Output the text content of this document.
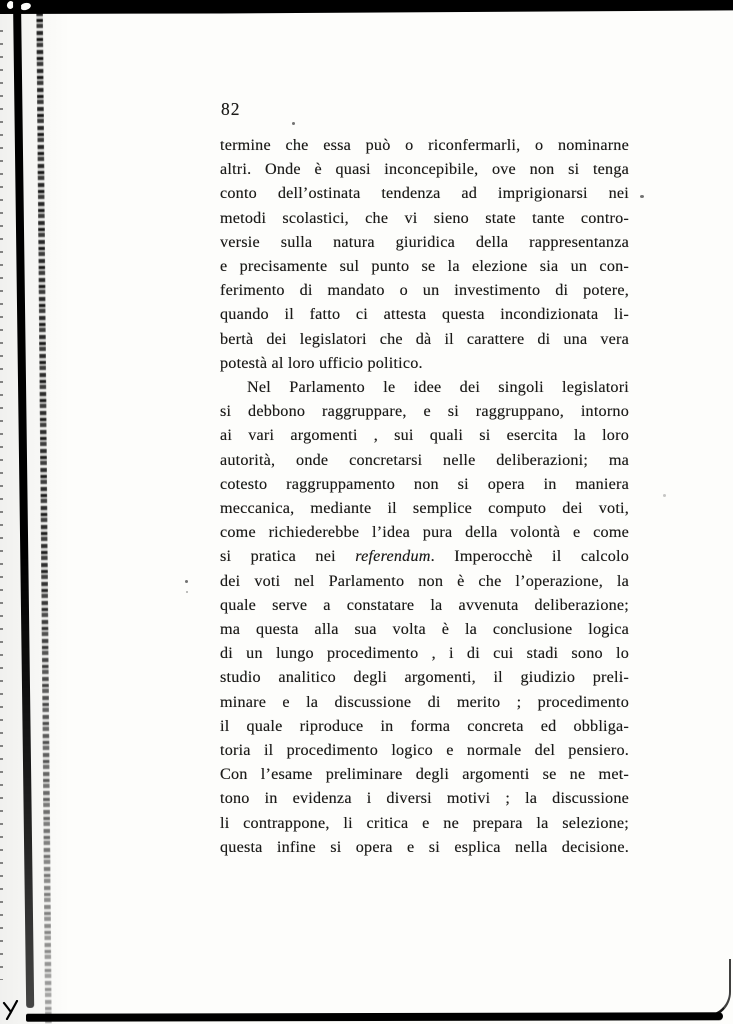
82
termine che essa può o riconfermarli, o nominarne
altri. Onde è quasi inconcepibile, ove non si tenga
conto dell’ostinata tendenza ad imprigionarsi nei
metodi scolastici, che vi sieno state tante contro-
versie sulla natura giuridica della rappresentanza
e precisamente sul punto se la elezione sia un con-
ferimento di mandato o un investimento di potere,
quando il fatto ci attesta questa incondizionata li-
bertà dei legislatori che dà il carattere di una vera
potestà al loro ufficio politico.
Nel Parlamento le idee dei singoli legislatori
si debbono raggruppare, e si raggruppano, intorno
ai vari argomenti , sui quali si esercita la loro
autorità, onde concretarsi nelle deliberazioni; ma
cotesto raggruppamento non si opera in maniera
meccanica, mediante il semplice computo dei voti,
come richiederebbe l’idea pura della volontà e come
si pratica nei referendum. Imperocchè il calcolo
dei voti nel Parlamento non è che l’operazione, la
quale serve a constatare la avvenuta deliberazione;
ma questa alla sua volta è la conclusione logica
di un lungo procedimento , i di cui stadi sono lo
studio analitico degli argomenti, il giudizio preli-
minare e la discussione di merito ; procedimento
il quale riproduce in forma concreta ed obbliga-
toria il procedimento logico e normale del pensiero.
Con l’esame preliminare degli argomenti se ne met-
tono in evidenza i diversi motivi ; la discussione
li contrappone, li critica e ne prepara la selezione;
questa infine si opera e si esplica nella decisione.
